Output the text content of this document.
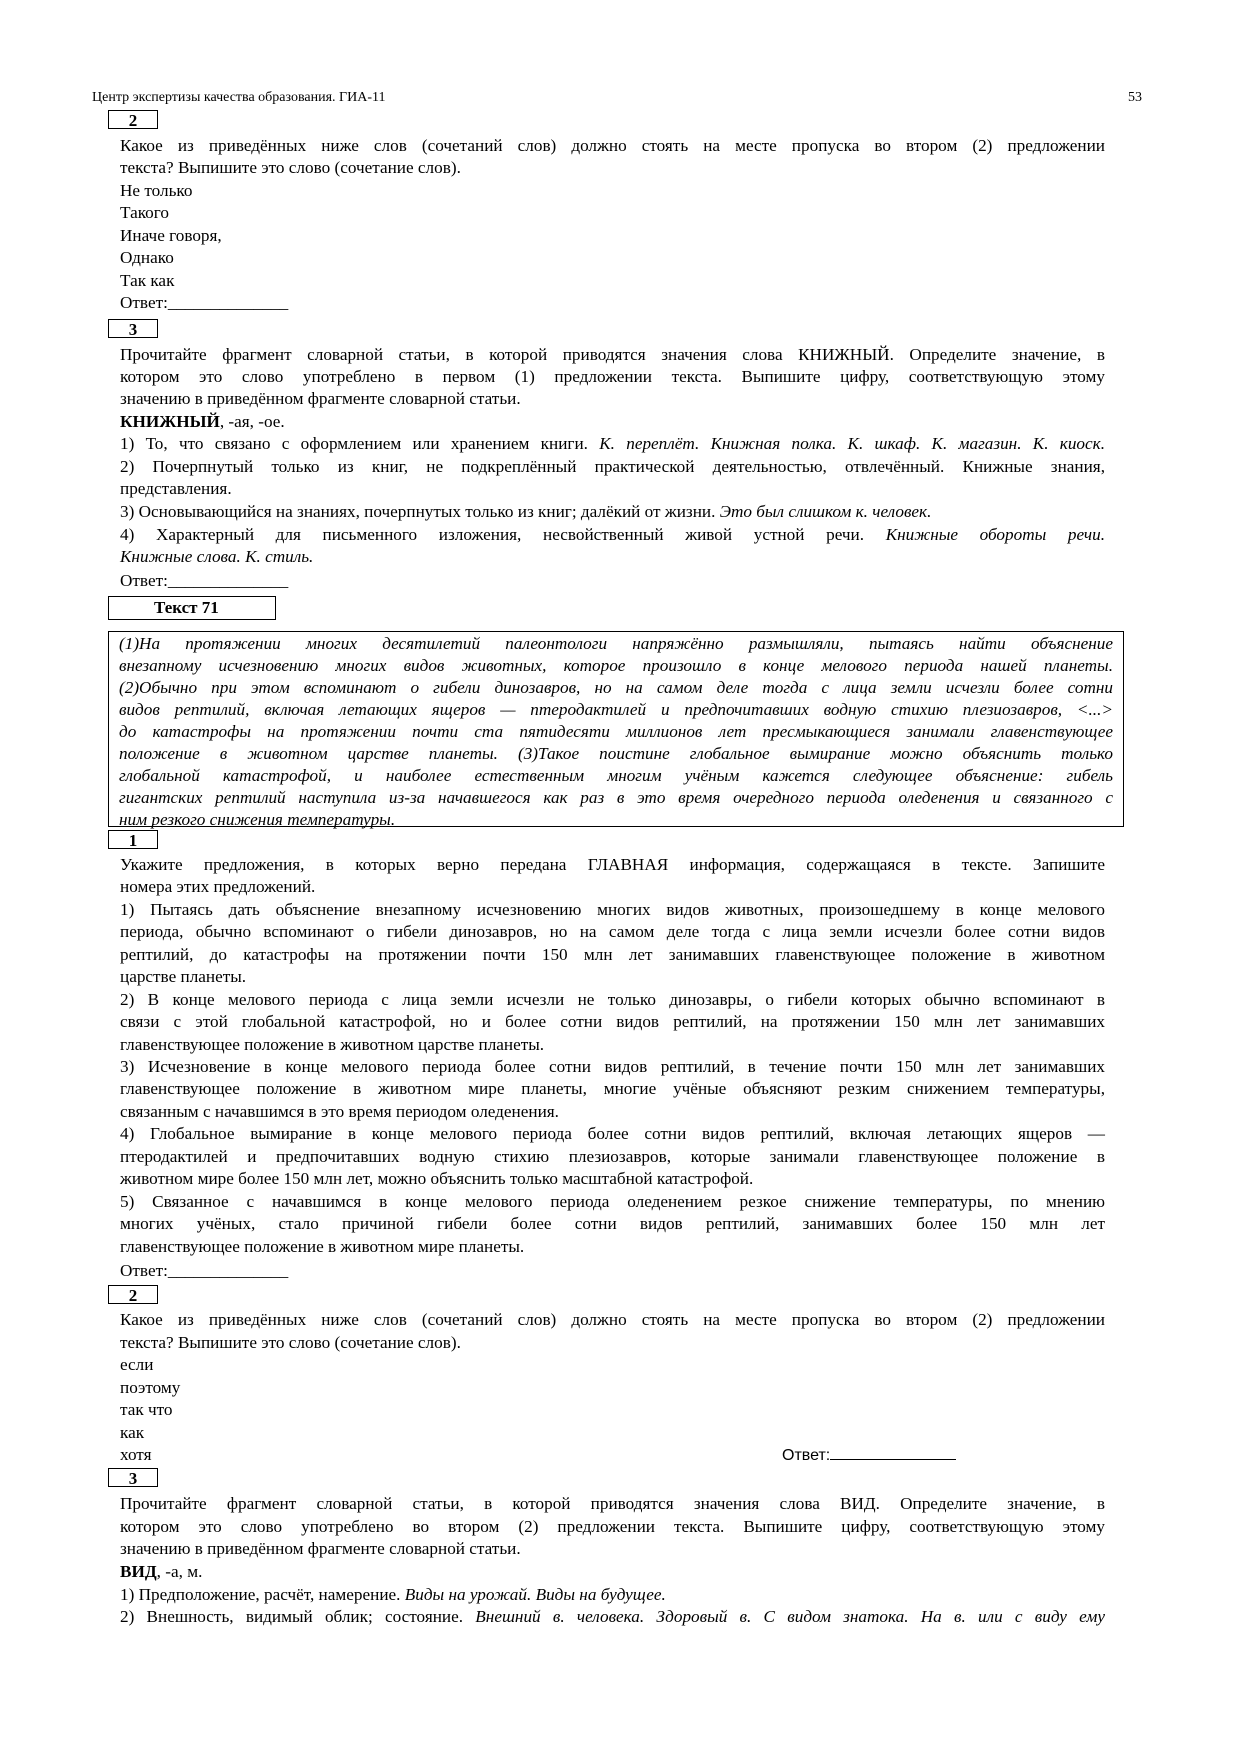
Центр экспертизы качества образования. ГИА-11	53
2
Какое из приведённых ниже слов (сочетаний слов) должно стоять на месте пропуска во втором (2) предложении
текста? Выпишите это слово (сочетание слов).
Не только
Такого
Иначе говоря,
Однако
Так как
Ответ:______________
3
Прочитайте фрагмент словарной статьи, в которой приводятся значения слова КНИЖНЫЙ. Определите значение, в
котором это слово употреблено в первом (1) предложении текста. Выпишите цифру, соответствующую этому
значению в приведённом фрагменте словарной статьи.
КНИЖНЫЙ, -ая, -ое.
1) То, что связано с оформлением или хранением книги. К. переплёт. Книжная полка. К. шкаф. К. магазин. К. киоск.
2) Почерпнутый только из книг, не подкреплённый практической деятельностью, отвлечённый. Книжные знания,
представления.
3) Основывающийся на знаниях, почерпнутых только из книг; далёкий от жизни. Это был слишком к. человек.
4) Характерный для письменного изложения, несвойственный живой устной речи. Книжные обороты речи.
Книжные слова. К. стиль.
Ответ:______________
Текст 71
(1)На протяжении многих десятилетий палеонтологи напряжённо размышляли, пытаясь найти объяснение
внезапному исчезновению многих видов животных, которое произошло в конце мелового периода нашей планеты.
(2)Обычно при этом вспоминают о гибели динозавров, но на самом деле тогда с лица земли исчезли более сотни
видов рептилий, включая летающих ящеров — птеродактилей и предпочитавших водную стихию плезиозавров, <...>
до катастрофы на протяжении почти ста пятидесяти миллионов лет пресмыкающиеся занимали главенствующее
положение в животном царстве планеты. (3)Такое поистине глобальное вымирание можно объяснить только
глобальной катастрофой, и наиболее естественным многим учёным кажется следующее объяснение: гибель
гигантских рептилий наступила из-за начавшегося как раз в это время очередного периода оледенения и связанного с
ним резкого снижения температуры.
1
Укажите предложения, в которых верно передана ГЛАВНАЯ информация, содержащаяся в тексте. Запишите
номера этих предложений.
1) Пытаясь дать объяснение внезапному исчезновению многих видов животных, произошедшему в конце мелового
периода, обычно вспоминают о гибели динозавров, но на самом деле тогда с лица земли исчезли более сотни видов
рептилий, до катастрофы на протяжении почти 150 млн лет занимавших главенствующее положение в животном
царстве планеты.
2) В конце мелового периода с лица земли исчезли не только динозавры, о гибели которых обычно вспоминают в
связи с этой глобальной катастрофой, но и более сотни видов рептилий, на протяжении 150 млн лет занимавших
главенствующее положение в животном царстве планеты.
3) Исчезновение в конце мелового периода более сотни видов рептилий, в течение почти 150 млн лет занимавших
главенствующее положение в животном мире планеты, многие учёные объясняют резким снижением температуры,
связанным с начавшимся в это время периодом оледенения.
4) Глобальное вымирание в конце мелового периода более сотни видов рептилий, включая летающих ящеров —
птеродактилей и предпочитавших водную стихию плезиозавров, которые занимали главенствующее положение в
животном мире более 150 млн лет, можно объяснить только масштабной катастрофой.
5) Связанное с начавшимся в конце мелового периода оледенением резкое снижение температуры, по мнению
многих учёных, стало причиной гибели более сотни видов рептилий, занимавших более 150 млн лет
главенствующее положение в животном мире планеты.
Ответ:______________
2
Какое из приведённых ниже слов (сочетаний слов) должно стоять на месте пропуска во втором (2) предложении
текста? Выпишите это слово (сочетание слов).
если
поэтому
так что
как
хотя	Ответ:
3
Прочитайте фрагмент словарной статьи, в которой приводятся значения слова ВИД. Определите значение, в
котором это слово употреблено во втором (2) предложении текста. Выпишите цифру, соответствующую этому
значению в приведённом фрагменте словарной статьи.
ВИД, -а, м.
1) Предположение, расчёт, намерение. Виды на урожай. Виды на будущее.
2) Внешность, видимый облик; состояние. Внешний в. человека. Здоровый в. С видом знатока. На в. или с виду ему
